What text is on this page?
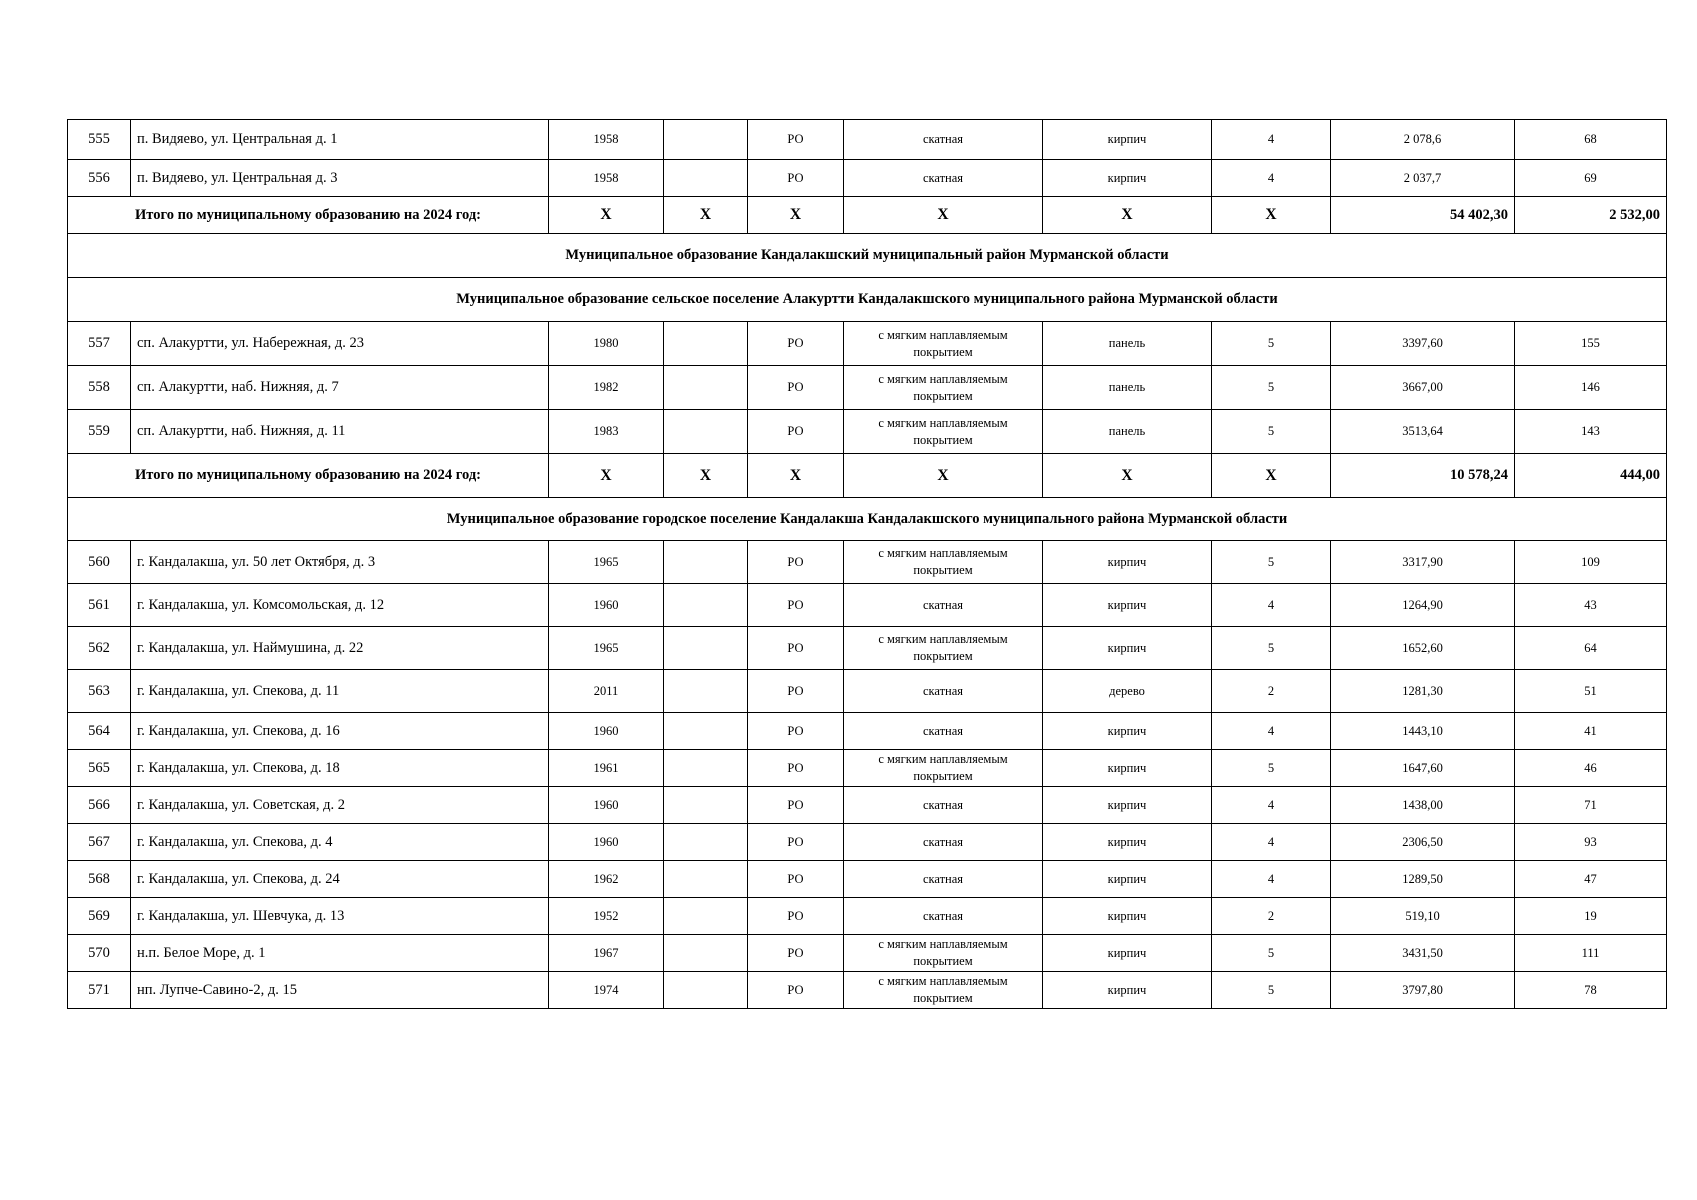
555	п. Видяево, ул. Центральная д. 1	1958		РО	скатная	кирпич	4	2 078,6	68
556	п. Видяево, ул. Центральная д. 3	1958		РО	скатная	кирпич	4	2 037,7	69
Итого по муниципальному образованию на 2024 год:		Х	Х	Х	Х	Х	Х	54 402,30	2 532,00
Муниципальное образование Кандалакшский муниципальный район Мурманской области									
Муниципальное образование сельское поселение Алакуртти Кандалакшского муниципального района Мурманской области									
557	сп. Алакуртти, ул. Набережная, д. 23	1980		РО	с мягким наплавляемым покрытием	панель	5	3397,60	155
558	сп. Алакуртти, наб. Нижняя, д. 7	1982		РО	с мягким наплавляемым покрытием	панель	5	3667,00	146
559	сп. Алакуртти, наб. Нижняя, д. 11	1983		РО	с мягким наплавляемым покрытием	панель	5	3513,64	143
Итого по муниципальному образованию на 2024 год:		Х	Х	Х	Х	Х	Х	10 578,24	444,00
Муниципальное образование городское поселение Кандалакша Кандалакшского муниципального района Мурманской области									
560	г. Кандалакша, ул. 50 лет Октября, д. 3	1965		РО	с мягким наплавляемым покрытием	кирпич	5	3317,90	109
561	г. Кандалакша, ул. Комсомольская, д. 12	1960		РО	скатная	кирпич	4	1264,90	43
562	г. Кандалакша, ул. Наймушина, д. 22	1965		РО	с мягким наплавляемым покрытием	кирпич	5	1652,60	64
563	г. Кандалакша, ул. Спекова, д. 11	2011		РО	скатная	дерево	2	1281,30	51
564	г. Кандалакша, ул. Спекова, д. 16	1960		РО	скатная	кирпич	4	1443,10	41
565	г. Кандалакша, ул. Спекова, д. 18	1961		РО	с мягким наплавляемым покрытием	кирпич	5	1647,60	46
566	г. Кандалакша, ул. Советская, д. 2	1960		РО	скатная	кирпич	4	1438,00	71
567	г. Кандалакша, ул. Спекова, д. 4	1960		РО	скатная	кирпич	4	2306,50	93
568	г. Кандалакша, ул. Спекова, д. 24	1962		РО	скатная	кирпич	4	1289,50	47
569	г. Кандалакша, ул. Шевчука, д. 13	1952		РО	скатная	кирпич	2	519,10	19
570	н.п. Белое Море, д. 1	1967		РО	с мягким наплавляемым покрытием	кирпич	5	3431,50	111
571	нп. Лупче-Савино-2, д. 15	1974		РО	с мягким наплавляемым покрытием	кирпич	5	3797,80	78
